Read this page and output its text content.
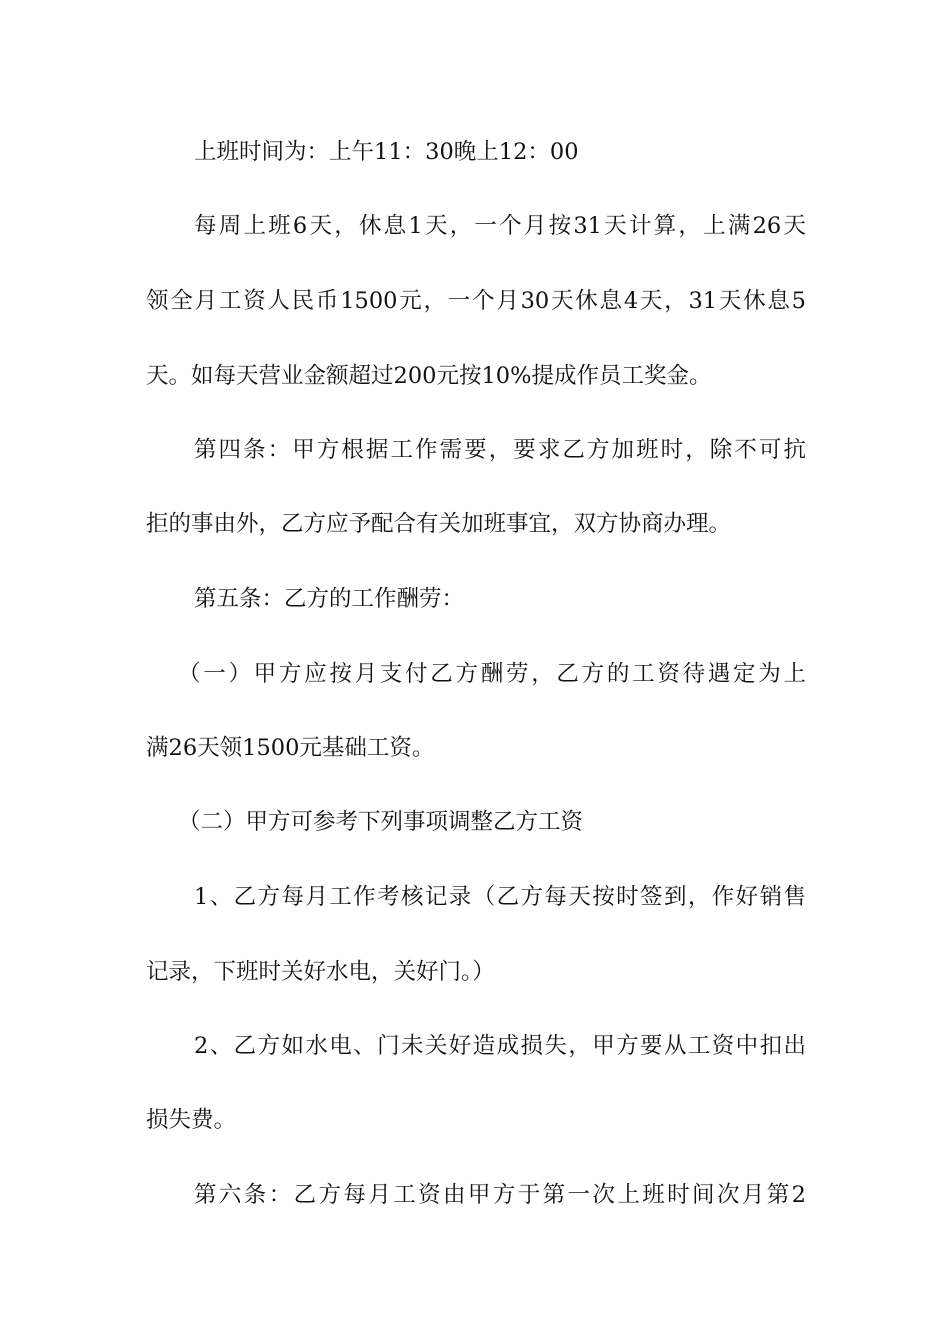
上班时间为：上午11：30晚上12：00
每周上班6天，休息1天，一个月按31天计算，上满26天
领全月工资人民币1500元，一个月30天休息4天，31天休息5
天。如每天营业金额超过200元按10%提成作员工奖金。
第四条：甲方根据工作需要，要求乙方加班时，除不可抗
拒的事由外，乙方应予配合有关加班事宜，双方协商办理。
第五条：乙方的工作酬劳：
（一）甲方应按月支付乙方酬劳，乙方的工资待遇定为上
满26天领1500元基础工资。
（二）甲方可参考下列事项调整乙方工资
1、乙方每月工作考核记录（乙方每天按时签到，作好销售
记录，下班时关好水电，关好门。）
2、乙方如水电、门未关好造成损失，甲方要从工资中扣出
损失费。
第六条：乙方每月工资由甲方于第一次上班时间次月第2
